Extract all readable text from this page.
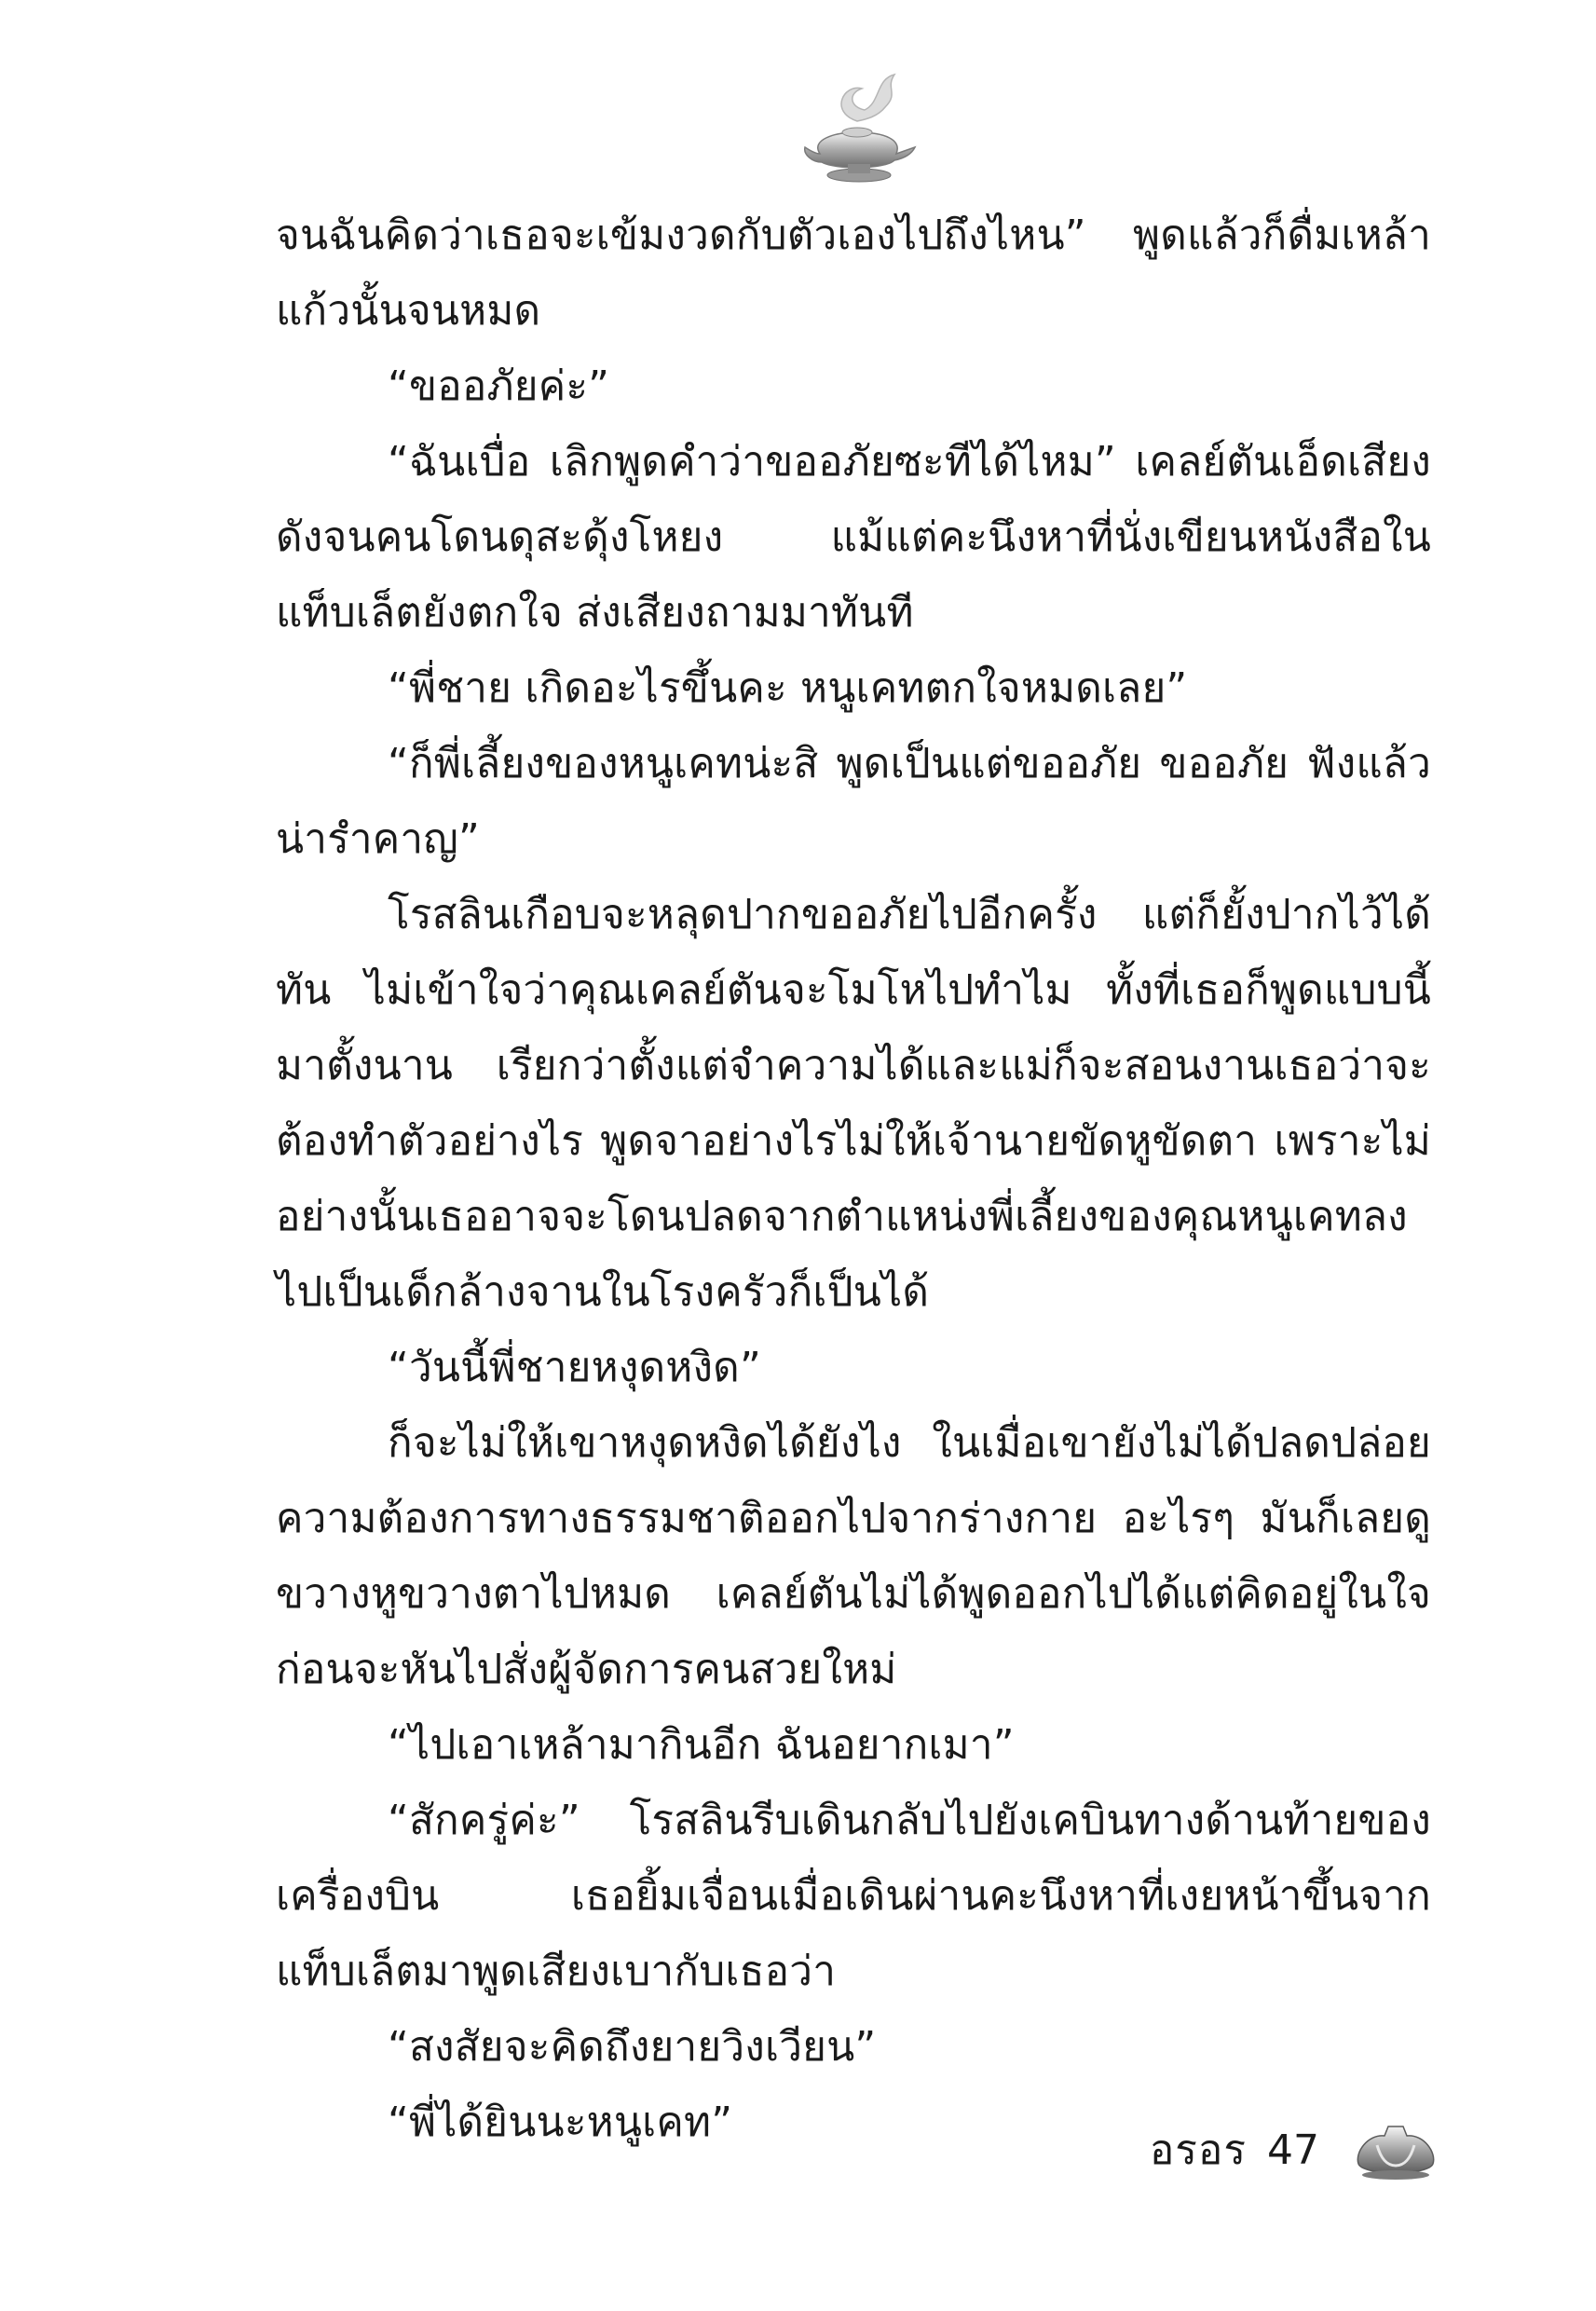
จนฉันคิดว่าเธอจะเข้มงวดกับตัวเองไปถึงไหน” พูดแล้วก็ดื่มเหล้าแก้วนั้นจนหมด

“ขออภัยค่ะ”

“ฉันเบื่อ เลิกพูดคำว่าขออภัยซะทีได้ไหม” เคลย์ตันเอ็ดเสียงดังจนคนโดนดุสะดุ้งโหยง แม้แต่คะนึงหาที่นั่งเขียนหนังสือในแท็บเล็ตยังตกใจ ส่งเสียงถามมาทันที

“พี่ชาย เกิดอะไรขึ้นคะ หนูเคทตกใจหมดเลย”

“ก็พี่เลี้ยงของหนูเคทน่ะสิ พูดเป็นแต่ขออภัย ขออภัย ฟังแล้วน่ารำคาญ”

โรสลินเกือบจะหลุดปากขออภัยไปอีกครั้ง แต่ก็ยั้งปากไว้ได้ทัน ไม่เข้าใจว่าคุณเคลย์ตันจะโมโหไปทำไม ทั้งที่เธอก็พูดแบบนี้มาตั้งนาน เรียกว่าตั้งแต่จำความได้และแม่ก็จะสอนงานเธอว่าจะต้องทำตัวอย่างไร พูดจาอย่างไรไม่ให้เจ้านายขัดหูขัดตา เพราะไม่อย่างนั้นเธออาจจะโดนปลดจากตำแหน่งพี่เลี้ยงของคุณหนูเคทลงไปเป็นเด็กล้างจานในโรงครัวก็เป็นได้

“วันนี้พี่ชายหงุดหงิด”

ก็จะไม่ให้เขาหงุดหงิดได้ยังไง ในเมื่อเขายังไม่ได้ปลดปล่อยความต้องการทางธรรมชาติออกไปจากร่างกาย อะไรๆ มันก็เลยดูขวางหูขวางตาไปหมด เคลย์ตันไม่ได้พูดออกไปได้แต่คิดอยู่ในใจก่อนจะหันไปสั่งผู้จัดการคนสวยใหม่

“ไปเอาเหล้ามากินอีก ฉันอยากเมา”

“สักครู่ค่ะ” โรสลินรีบเดินกลับไปยังเคบินทางด้านท้ายของเครื่องบิน เธอยิ้มเจื่อนเมื่อเดินผ่านคะนึงหาที่เงยหน้าขึ้นจากแท็บเล็ตมาพูดเสียงเบากับเธอว่า

“สงสัยจะคิดถึงยายวิงเวียน”

“พี่ได้ยินนะหนูเคท”

อรอร 47
